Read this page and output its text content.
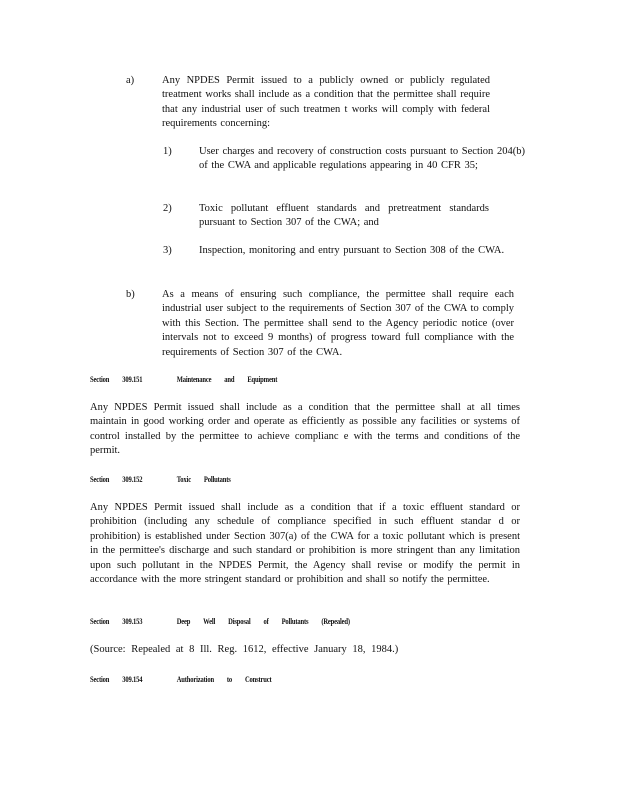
a)	Any NPDES Permit issued to a publicly owned or publicly regulated treatment works shall include as a condition that the permittee shall require that any industrial user of such treatmen t works will comply with federal requirements concerning:

1)	User charges and recovery of construction costs pursuant to Section 204(b) of the CWA and applicable regulations appearing in 40 CFR 35;

2)	Toxic pollutant effluent standards and pretreatment standards pursuant to Section 307 of the CWA; and

3)	Inspection, monitoring and entry pursuant to Section 308 of the CWA.

b)	As a means of ensuring such compliance, the permittee shall require each industrial user subject to the requirements of Section 307 of the CWA to comply with this Section. The permittee shall send to the Agency periodic notice (over intervals not to exceed 9 months) of progress toward full compliance with the requirements of Section 307 of the CWA.

Section 309.151	Maintenance and Equipment

Any NPDES Permit issued shall include as a condition that the permittee shall at all times maintain in good working order and operate as efficiently as possible any facilities or systems of control installed by the permittee to achieve complianc e with the terms and conditions of the permit.

Section 309.152	Toxic Pollutants

Any NPDES Permit issued shall include as a condition that if a toxic effluent standard or prohibition (including any schedule of compliance specified in such effluent standar d or prohibition) is established under Section 307(a) of the CWA for a toxic pollutant which is present in the permittee's discharge and such standard or prohibition is more stringent than any limitation upon such pollutant in the NPDES Permit, the Agency shall revise or modify the permit in accordance with the more stringent standard or prohibition and shall so notify the permittee.

Section 309.153	Deep Well Disposal of Pollutants (Repealed)

(Source: Repealed at 8 Ill. Reg. 1612, effective January 18, 1984.)

Section 309.154	Authorization to Construct
